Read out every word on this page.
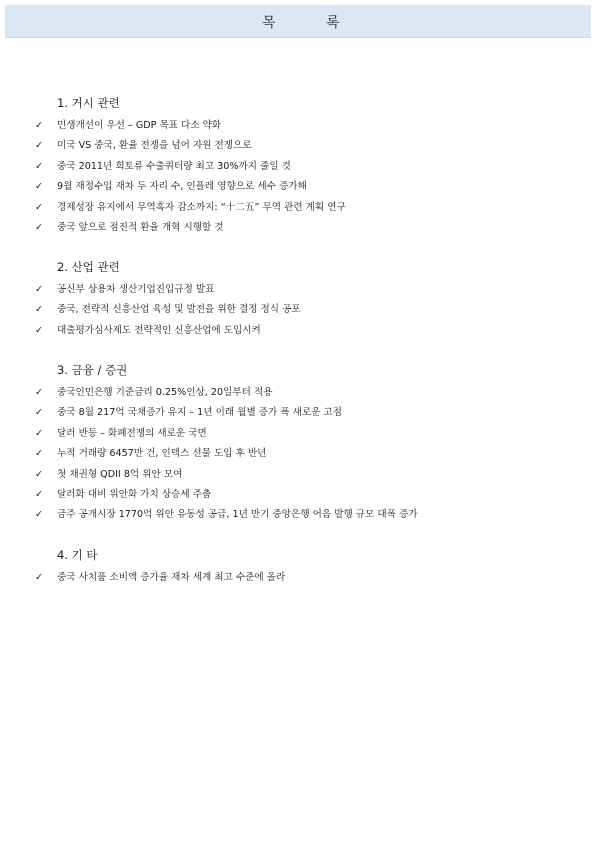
목	록
1. 거시 관련
✓	민생개선이 우선 – GDP 목표 다소 약화
✓	미국 VS 중국, 환율 전쟁을 넘어 자원 전쟁으로
✓	중국 2011년 희토류 수출쿼터량 최고 30%까지 줄일 것
✓	9월 재정수입 재차 두 자리 수, 인플레 영향으로 세수 증가해
✓	경제성장 유지에서 무역흑자 감소까지: “十二五” 무역 관련 계획 연구
✓	중국 앞으로 점진적 환율 개혁 시행할 것
2. 산업 관련
✓	공신부 상용차 생산기업진입규정 발표
✓	중국, 전략적 신흥산업 육성 및 발전을 위한 결정 정식 공포
✓	대출평가심사제도 전략적인 신흥산업에 도입시켜
3. 금융 / 증권
✓	중국인민은행 기준금리 0.25%인상, 20일부터 적용
✓	중국 8월 217억 국채증가 유지 – 1년 이래 월별 증가 폭 새로운 고점
✓	달러 반등 – 화폐전쟁의 새로운 국면
✓	누적 거래량 6457만 건, 인덱스 선물 도입 후 반년
✓	첫 채권형 QDII 8억 위안 모여
✓	달러화 대비 위안화 가치 상승세 주춤
✓	금주 공개시장 1770억 위안 유동성 공급, 1년 만기 중앙은행 어음 발행 규모 대폭 증가
4. 기 타
✓	중국 사치품 소비액 증가율 재차 세계 최고 수준에 올라
